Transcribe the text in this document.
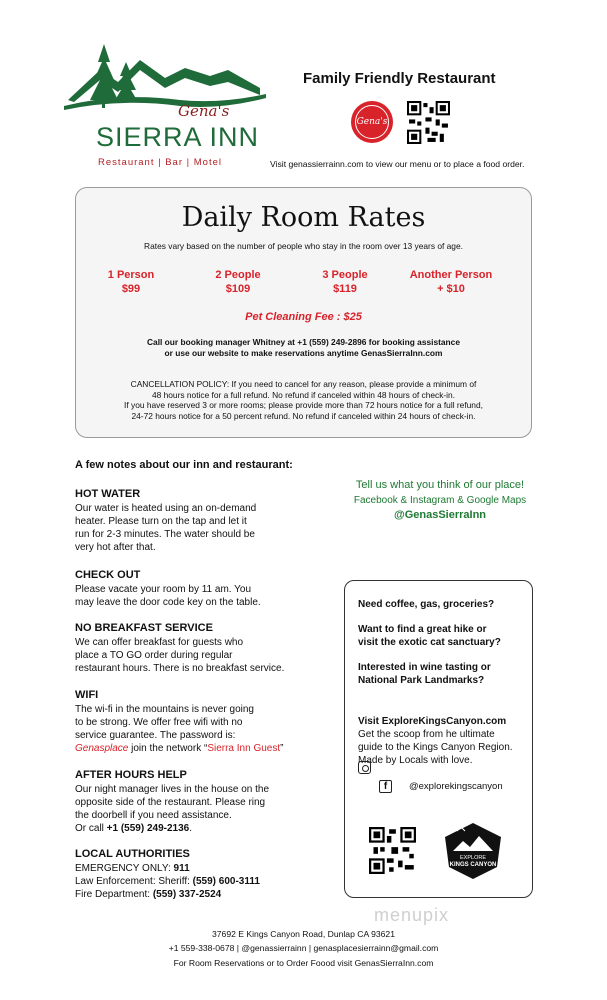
Gena's
SIERRA INN
Restaurant | Bar | Motel
Family Friendly Restaurant
Gena's
Visit genassierrainn.com to view our menu or to place a food order.
Daily Room Rates
Rates vary based on the number of people who stay in the room over 13 years of age.
1 Person
$99
2 People
$109
3 People
$119
Another Person
+ $10
Pet Cleaning Fee : $25
Call our booking manager Whitney at +1 (559) 249-2896 for booking assistance
or use our website to make reservations anytime GenasSierraInn.com
CANCELLATION POLICY: If you need to cancel for any reason, please provide a minimum of
48 hours notice for a full refund. No refund if canceled within 48 hours of check-in.
If you have reserved 3 or more rooms; please provide more than 72 hours notice for a full refund,
24-72 hours notice for a 50 percent refund. No refund if canceled within 24 hours of check-in.
A few notes about our inn and restaurant:
HOT WATER
Our water is heated using an on-demand
heater. Please turn on the tap and let it
run for 2-3 minutes. The water should be
very hot after that.
CHECK OUT
Please vacate your room by 11 am. You
may leave the door code key on the table.
NO BREAKFAST SERVICE
We can offer breakfast for guests who
place a TO GO order during regular
restaurant hours. There is no breakfast service.
WIFI
The wi-fi in the mountains is never going
to be strong. We offer free wifi with no
service guarantee. The password is:
Genasplace join the network “Sierra Inn Guest”
AFTER HOURS HELP
Our night manager lives in the house on the
opposite side of the restaurant. Please ring
the doorbell if you need assistance.
Or call +1 (559) 249-2136.
LOCAL AUTHORITIES
EMERGENCY ONLY: 911
Law Enforcement: Sheriff: (559) 600-3111
Fire Department: (559) 337-2524
Tell us what you think of our place!
Facebook & Instagram & Google Maps
@GenasSierraInn

Need coffee, gas, groceries?

Want to find a great hike or
visit the exotic cat sanctuary?

Interested in wine tasting or
National Park Landmarks?

Visit ExploreKingsCanyon.com
Get the scoop from he ultimate
guide to the Kings Canyon Region.
Made by Locals with love.

f	@explorekingscanyon
EXPLORE
KINGS CANYON
menupix
37692 E Kings Canyon Road, Dunlap CA 93621
+1 559-338-0678 | @genassierrainn | genasplacesierrainn@gmail.com
For Room Reservations or to Order Foood visit GenasSierraInn.com
